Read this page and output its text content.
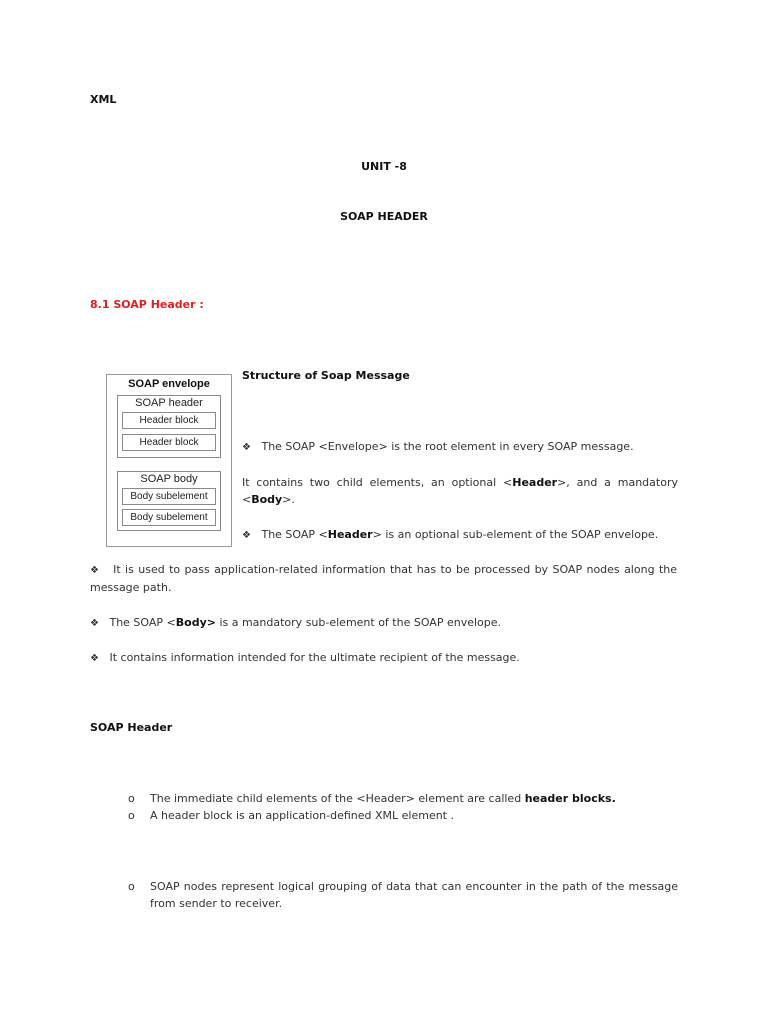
XML
UNIT -8
SOAP HEADER
8.1 SOAP Header :
SOAP envelope
SOAP header
Header block
Header block
SOAP body
Body subelement
Body subelement
Structure of Soap Message
❖ The SOAP <Envelope> is the root element in every SOAP message.
It contains two child elements, an optional <Header>, and a mandatory <Body>.
❖ The SOAP <Header> is an optional sub-element of the SOAP envelope.
❖ It is used to pass application-related information that has to be processed by SOAP nodes along the message path.
❖ The SOAP <Body> is a mandatory sub-element of the SOAP envelope.
❖ It contains information intended for the ultimate recipient of the message.
SOAP Header
o The immediate child elements of the <Header> element are called header blocks.
o A header block is an application-defined XML element .
o	SOAP nodes represent logical grouping of data that can encounter in the path of the message from sender to receiver.
